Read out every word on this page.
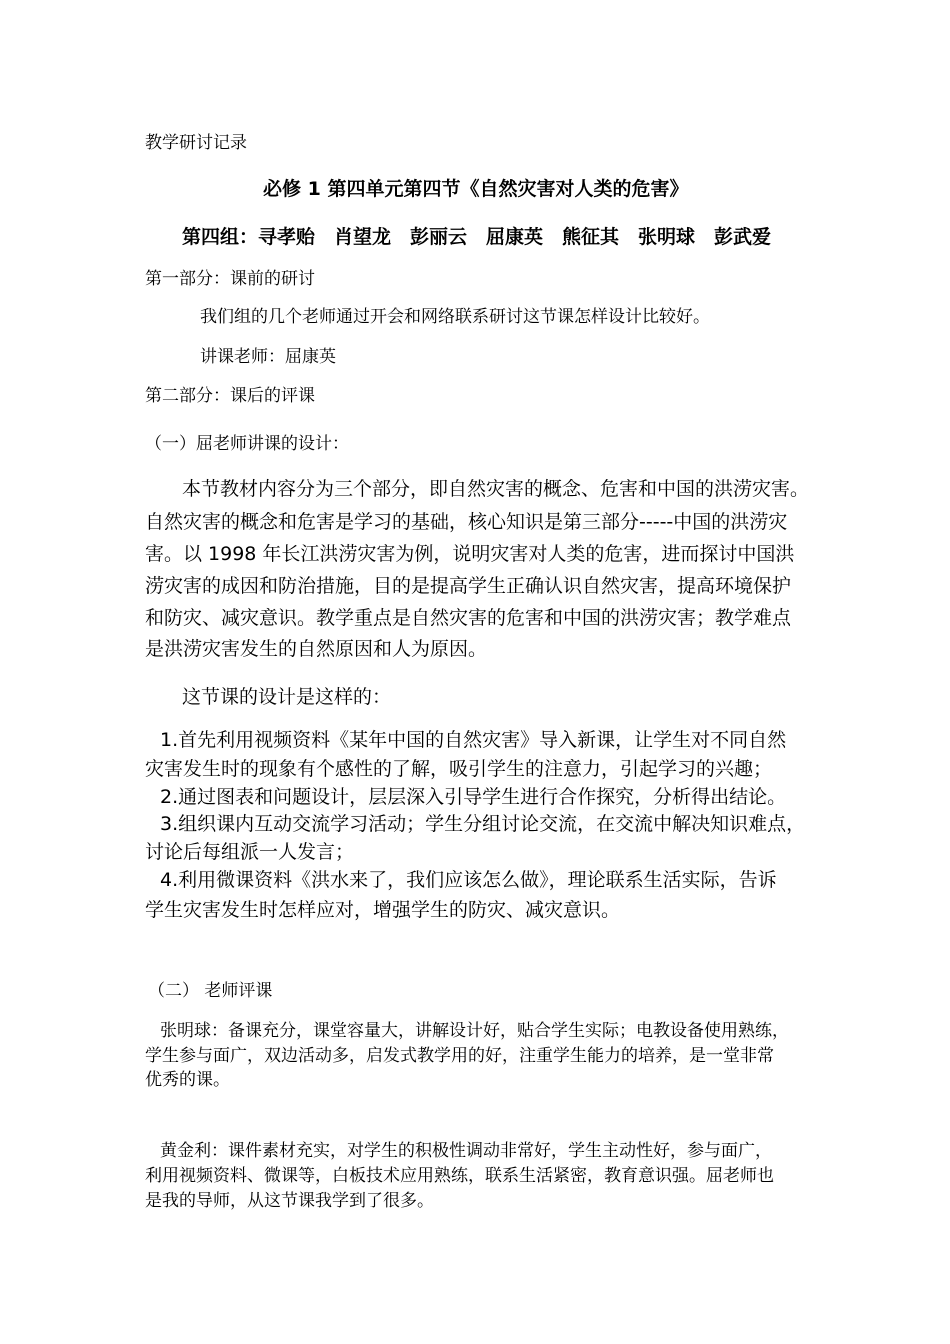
教学研讨记录

必修 1 第四单元第四节《自然灾害对人类的危害》

第四组：寻孝贻　肖望龙　彭丽云　屈康英　熊征其　张明球　彭武爱

第一部分：课前的研讨

我们组的几个老师通过开会和网络联系研讨这节课怎样设计比较好。

讲课老师：屈康英

第二部分：课后的评课

（一）屈老师讲课的设计：

本节教材内容分为三个部分，即自然灾害的概念、危害和中国的洪涝灾害。

自然灾害的概念和危害是学习的基础，核心知识是第三部分-----中国的洪涝灾

害。以 1998 年长江洪涝灾害为例，说明灾害对人类的危害，进而探讨中国洪

涝灾害的成因和防治措施，目的是提高学生正确认识自然灾害，提高环境保护

和防灾、减灾意识。教学重点是自然灾害的危害和中国的洪涝灾害；教学难点

是洪涝灾害发生的自然原因和人为原因。

这节课的设计是这样的：

1.首先利用视频资料《某年中国的自然灾害》导入新课，让学生对不同自然

灾害发生时的现象有个感性的了解，吸引学生的注意力，引起学习的兴趣；

2.通过图表和问题设计，层层深入引导学生进行合作探究，分析得出结论。

3.组织课内互动交流学习活动；学生分组讨论交流，在交流中解决知识难点，

讨论后每组派一人发言；

4.利用微课资料《洪水来了，我们应该怎么做》，理论联系生活实际，告诉

学生灾害发生时怎样应对，增强学生的防灾、减灾意识。

（二） 老师评课

张明球：备课充分，课堂容量大，讲解设计好，贴合学生实际；电教设备使用熟练，

学生参与面广，双边活动多，启发式教学用的好，注重学生能力的培养，是一堂非常

优秀的课。

黄金利：课件素材充实，对学生的积极性调动非常好，学生主动性好，参与面广，

利用视频资料、微课等，白板技术应用熟练，联系生活紧密，教育意识强。屈老师也

是我的导师，从这节课我学到了很多。
